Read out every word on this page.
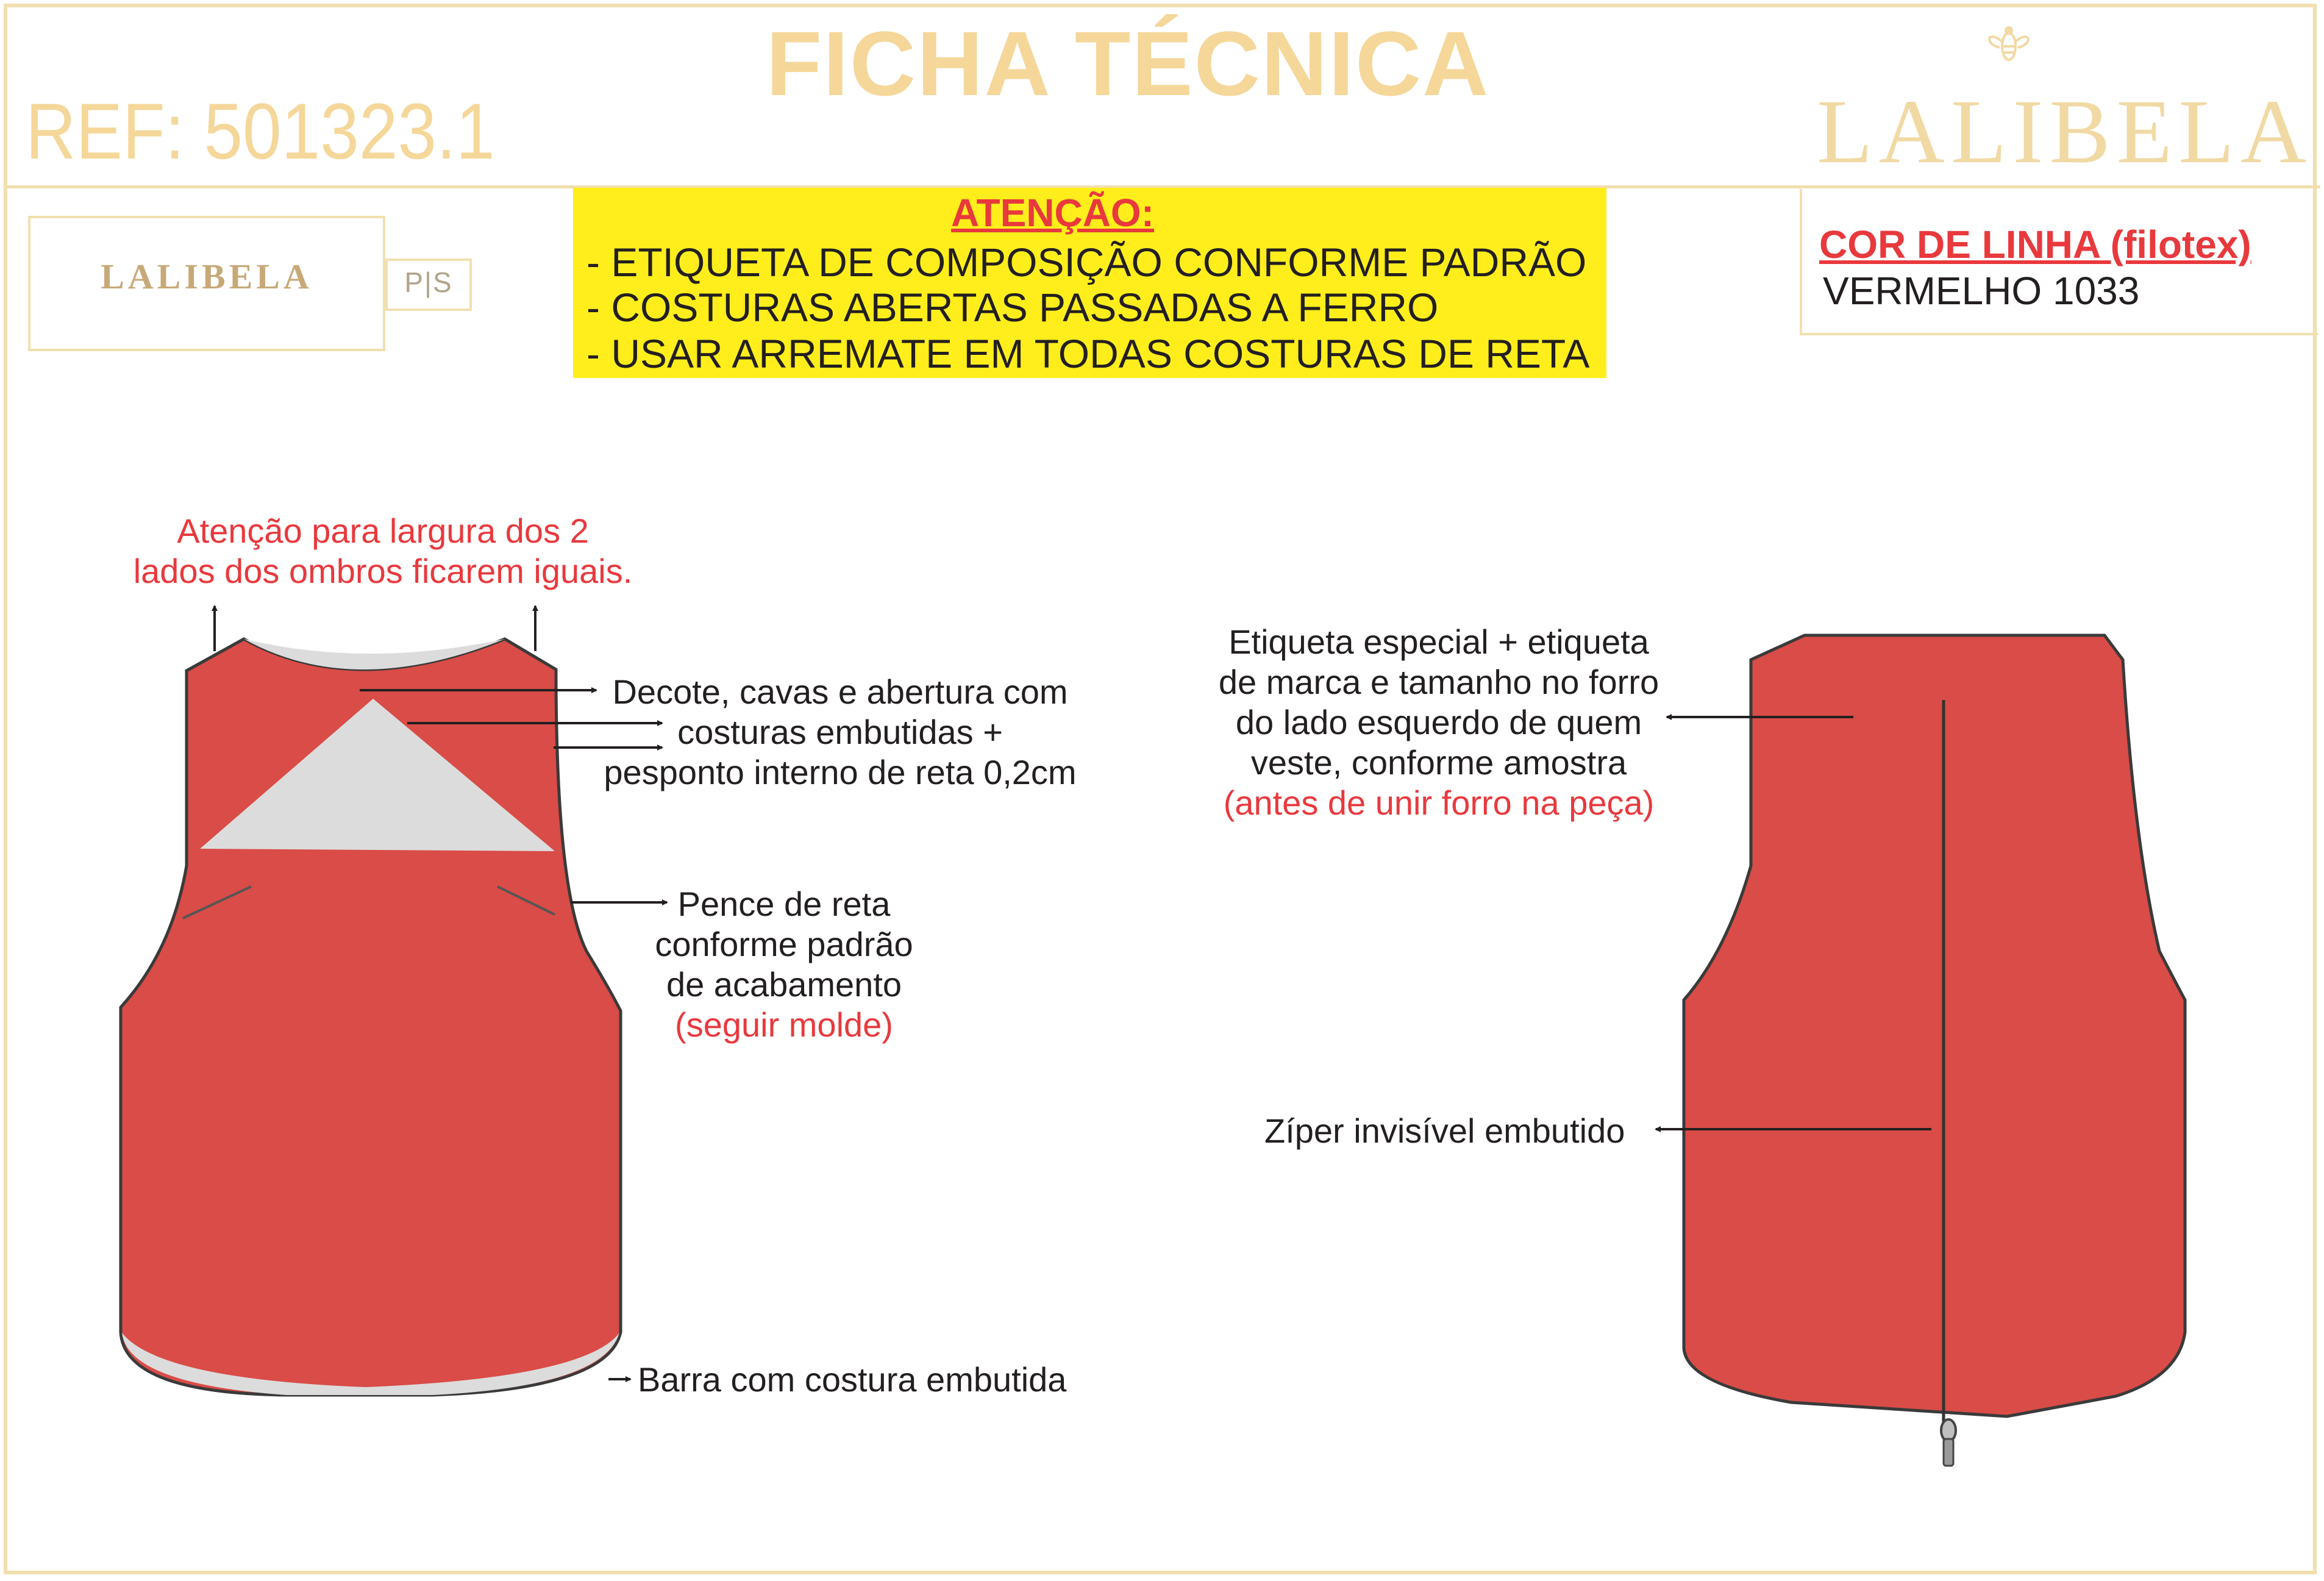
FICHA TÉCNICA
REF: 501323.1	LALIBELA
LALIBELA	P|S
ATENÇÃO:
- ETIQUETA DE COMPOSIÇÃO CONFORME PADRÃO
- COSTURAS ABERTAS PASSADAS A FERRO
- USAR ARREMATE EM TODAS COSTURAS DE RETA
COR DE LINHA (filotex)
VERMELHO 1033
Atenção para largura dos 2
lados dos ombros ficarem iguais.
Decote, cavas e abertura com
costuras embutidas +
pesponto interno de reta 0,2cm
Pence de reta
conforme padrão
de acabamento
(seguir molde)
Barra com costura embutida
Etiqueta especial + etiqueta
de marca e tamanho no forro
do lado esquerdo de quem
veste, conforme amostra
(antes de unir forro na peça)
Zíper invisível embutido
